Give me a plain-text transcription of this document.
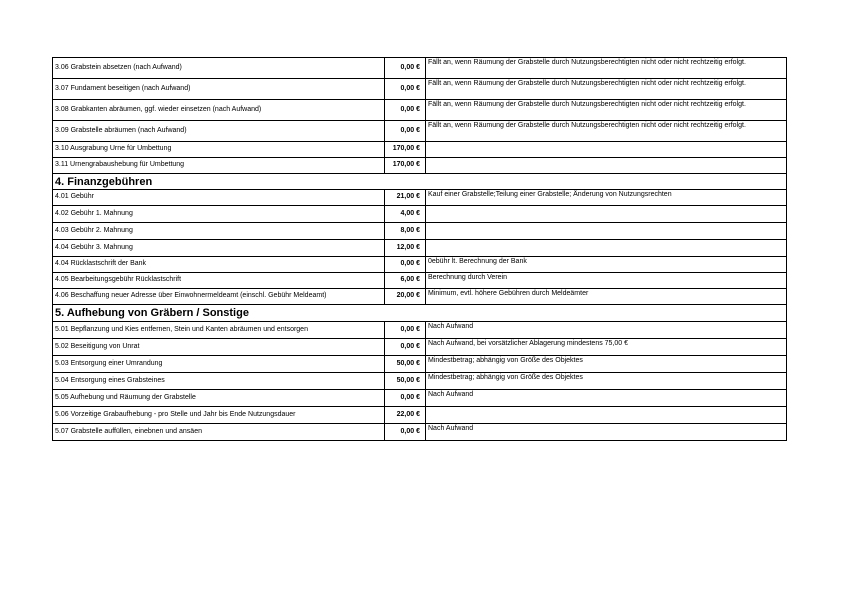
3.06 Grabstein absetzen (nach Aufwand)	0,00 €	Fällt an, wenn Räumung der Grabstelle durch Nutzungsberechtigten nicht oder nicht rechtzeitig erfolgt.
3.07 Fundament beseitigen (nach Aufwand)	0,00 €	Fällt an, wenn Räumung der Grabstelle durch Nutzungsberechtigten nicht oder nicht rechtzeitig erfolgt.
3.08 Grabkanten abräumen, ggf. wieder einsetzen (nach Aufwand)	0,00 €	Fällt an, wenn Räumung der Grabstelle durch Nutzungsberechtigten nicht oder nicht rechtzeitig erfolgt.
3.09 Grabstelle abräumen (nach Aufwand)	0,00 €	Fällt an, wenn Räumung der Grabstelle durch Nutzungsberechtigten nicht oder nicht rechtzeitig erfolgt.
3.10 Ausgrabung Urne für Umbettung	170,00 €	
3.11 Urnengrabaushebung für Umbettung	170,00 €	
4. Finanzgebühren		
4.01 Gebühr	21,00 €	Kauf einer Grabstelle;Teilung einer Grabstelle; Änderung von Nutzungsrechten
4.02 Gebühr 1. Mahnung	4,00 €	
4.03 Gebühr 2. Mahnung	8,00 €	
4.04 Gebühr 3. Mahnung	12,00 €	
4.04 Rücklastschrift der Bank	0,00 €	0ebühr lt. Berechnung der Bank
4.05 Bearbeitungsgebühr Rücklastschrift	6,00 €	Berechnung durch Verein
4.06 Beschaffung neuer Adresse über Einwohnermeldeamt (einschl. Gebühr Meldeamt)	20,00 €	Minimum, evtl. höhere Gebühren durch Meldeämter
5. Aufhebung von Gräbern / Sonstige		
5.01 Bepflanzung und Kies entfernen, Stein und Kanten abräumen und entsorgen	0,00 €	Nach Aufwand
5.02 Beseitigung von Unrat	0,00 €	Nach Aufwand, bei vorsätzlicher Ablagerung mindestens 75,00 €
5.03 Entsorgung einer Umrandung	50,00 €	Mindestbetrag; abhängig von Größe des Objektes
5.04 Entsorgung eines Grabsteines	50,00 €	Mindestbetrag; abhängig von Größe des Objektes
5.05 Aufhebung und Räumung der Grabstelle	0,00 €	Nach Aufwand
5.06 Vorzeitige Grabaufhebung - pro Stelle und Jahr bis Ende Nutzungsdauer	22,00 €	
5.07 Grabstelle auffüllen, einebnen und ansäen	0,00 €	Nach Aufwand
